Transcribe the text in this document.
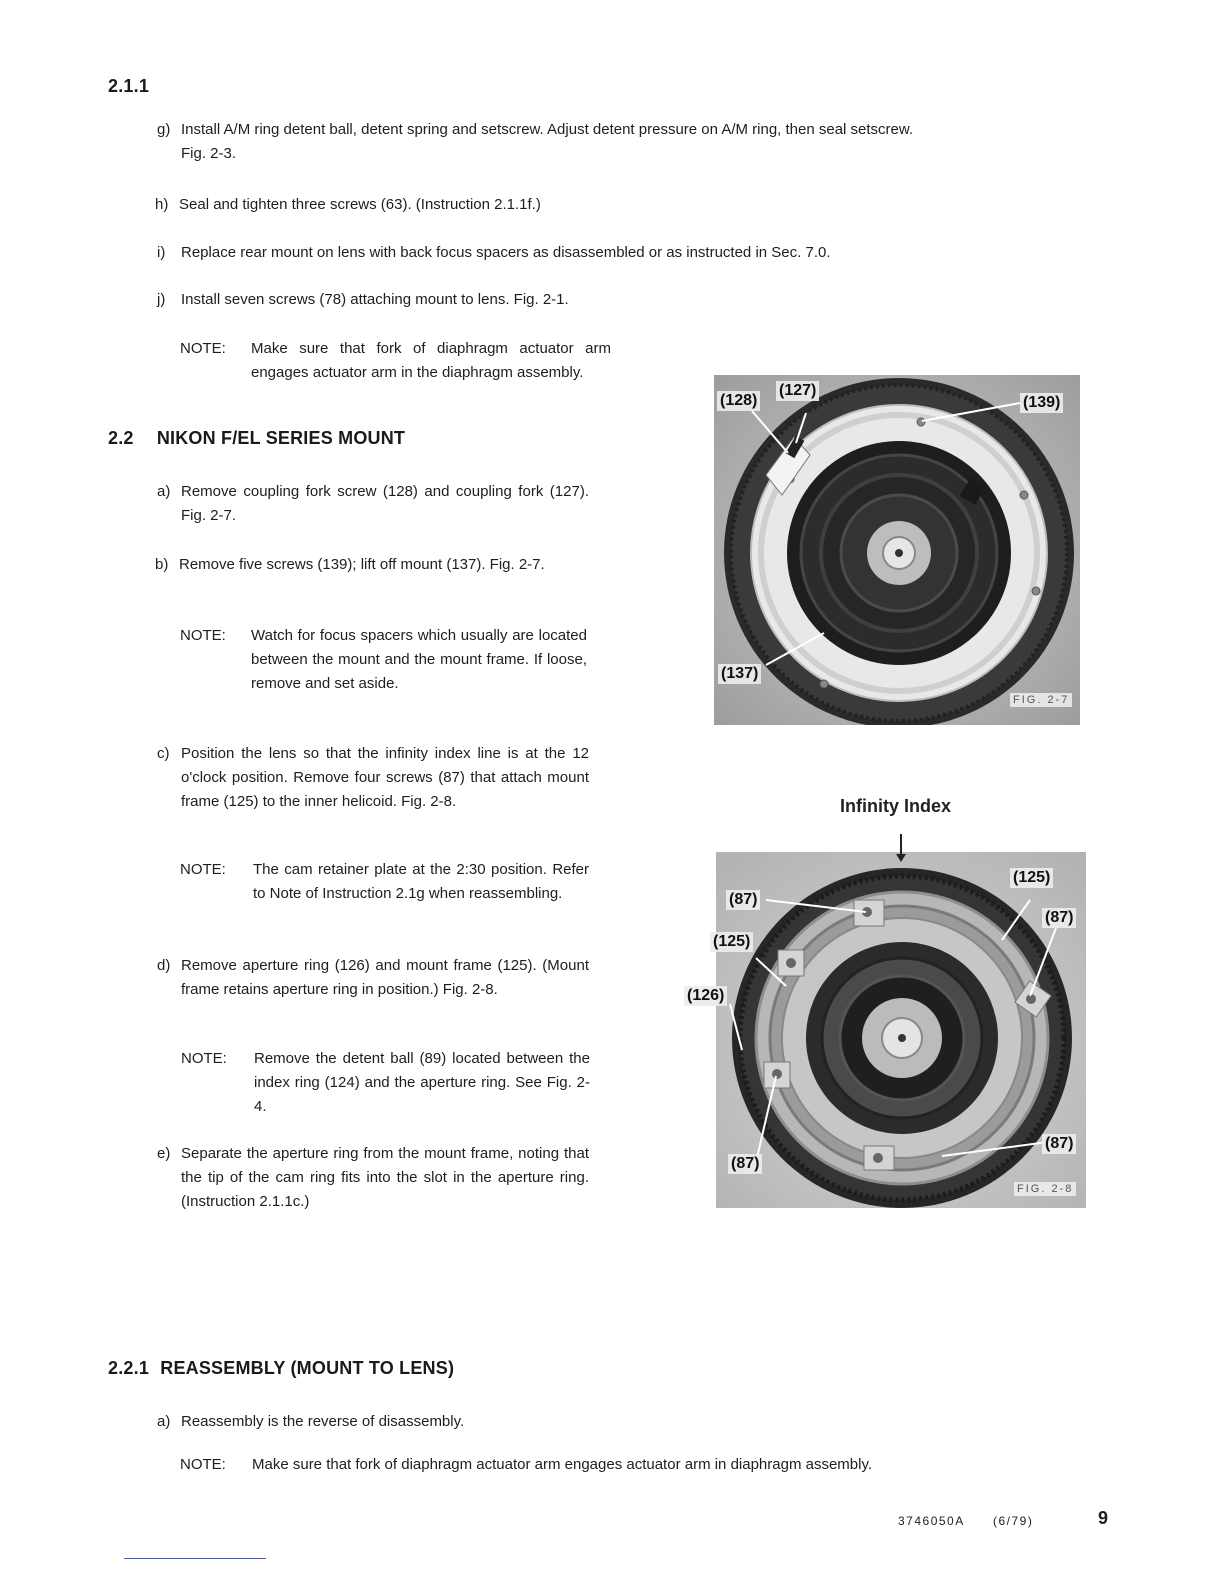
2.1.1
g) Install A/M ring detent ball, detent spring and setscrew. Adjust detent pressure on A/M ring, then seal setscrew.
Fig. 2-3.
h) Seal and tighten three screws (63). (Instruction 2.1.1f.)
i) Replace rear mount on lens with back focus spacers as disassembled or as instructed in Sec. 7.0.
j) Install seven screws (78) attaching mount to lens. Fig. 2-1.
NOTE: Make sure that fork of diaphragm actuator arm engages actuator arm in the diaphragm assembly.
2.2 NIKON F/EL SERIES MOUNT
a) Remove coupling fork screw (128) and coupling fork (127). Fig. 2-7.
b) Remove five screws (139); lift off mount (137). Fig. 2-7.
NOTE: Watch for focus spacers which usually are located between the mount and the mount frame. If loose, remove and set aside.
c) Position the lens so that the infinity index line is at the 12 o'clock position. Remove four screws (87) that attach mount frame (125) to the inner helicoid. Fig. 2-8.
NOTE: The cam retainer plate at the 2:30 position. Refer to Note of Instruction 2.1g when reassembling.
d) Remove aperture ring (126) and mount frame (125). (Mount frame retains aperture ring in position.) Fig. 2-8.
NOTE: Remove the detent ball (89) located between the index ring (124) and the aperture ring. See Fig. 2-4.
e) Separate the aperture ring from the mount frame, noting that the tip of the cam ring fits into the slot in the aperture ring. (Instruction 2.1.1c.)
(128)
(127)
(139)
(137)
FIG. 2-7
Infinity Index
(125)
(87)
(87)
(125)
(126)
(87)
(87)
FIG. 2-8
2.2.1 REASSEMBLY (MOUNT TO LENS)
a) Reassembly is the reverse of disassembly.
NOTE: Make sure that fork of diaphragm actuator arm engages actuator arm in diaphragm assembly.
3746050A (6/79)	9
